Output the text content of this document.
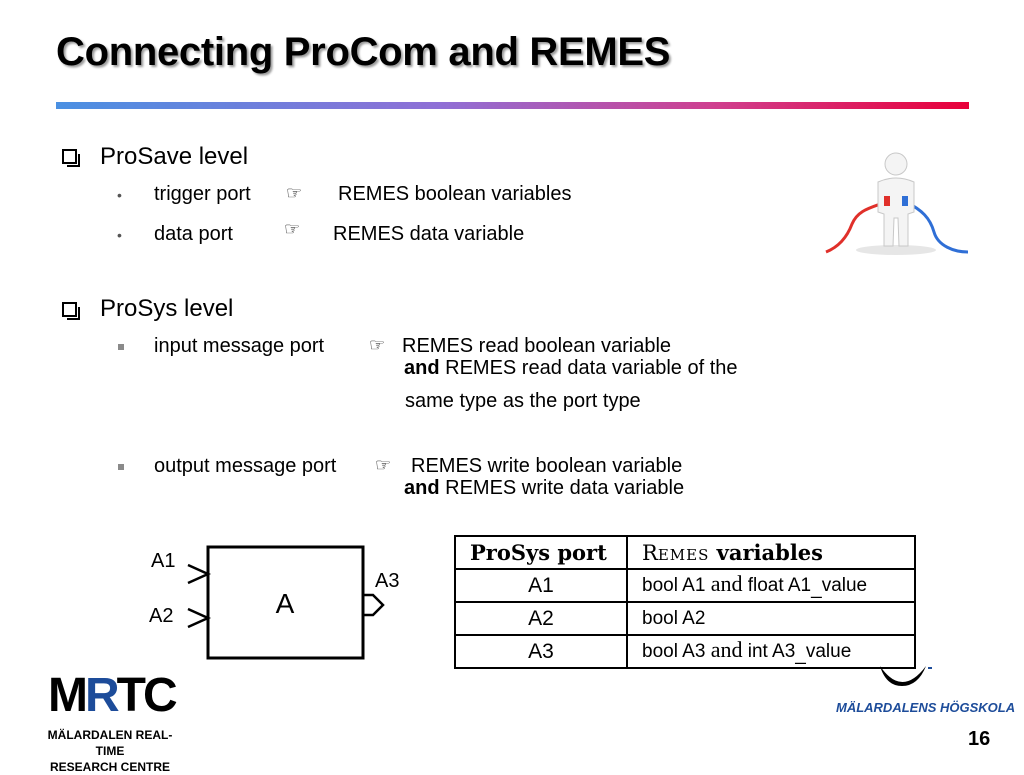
Connecting ProCom and REMES
ProSave level
• trigger port ☞ REMES boolean variables
• data port	☞ REMES data variable
ProSys level
input message port ☞ REMES read boolean variable
and REMES read data variable of the
same type as the port type
output message port ☞ REMES write boolean variable
and REMES write data variable
A
A1
A2
A3
ProSys port	REMES variables
A1	bool A1 and float A1_value
A2	bool A2
A3	bool A3 and int A3_value
MRTC
MÄLARDALEN REAL-TIME
RESEARCH CENTRE
MÄLARDALENS HÖGSKOLA
16
